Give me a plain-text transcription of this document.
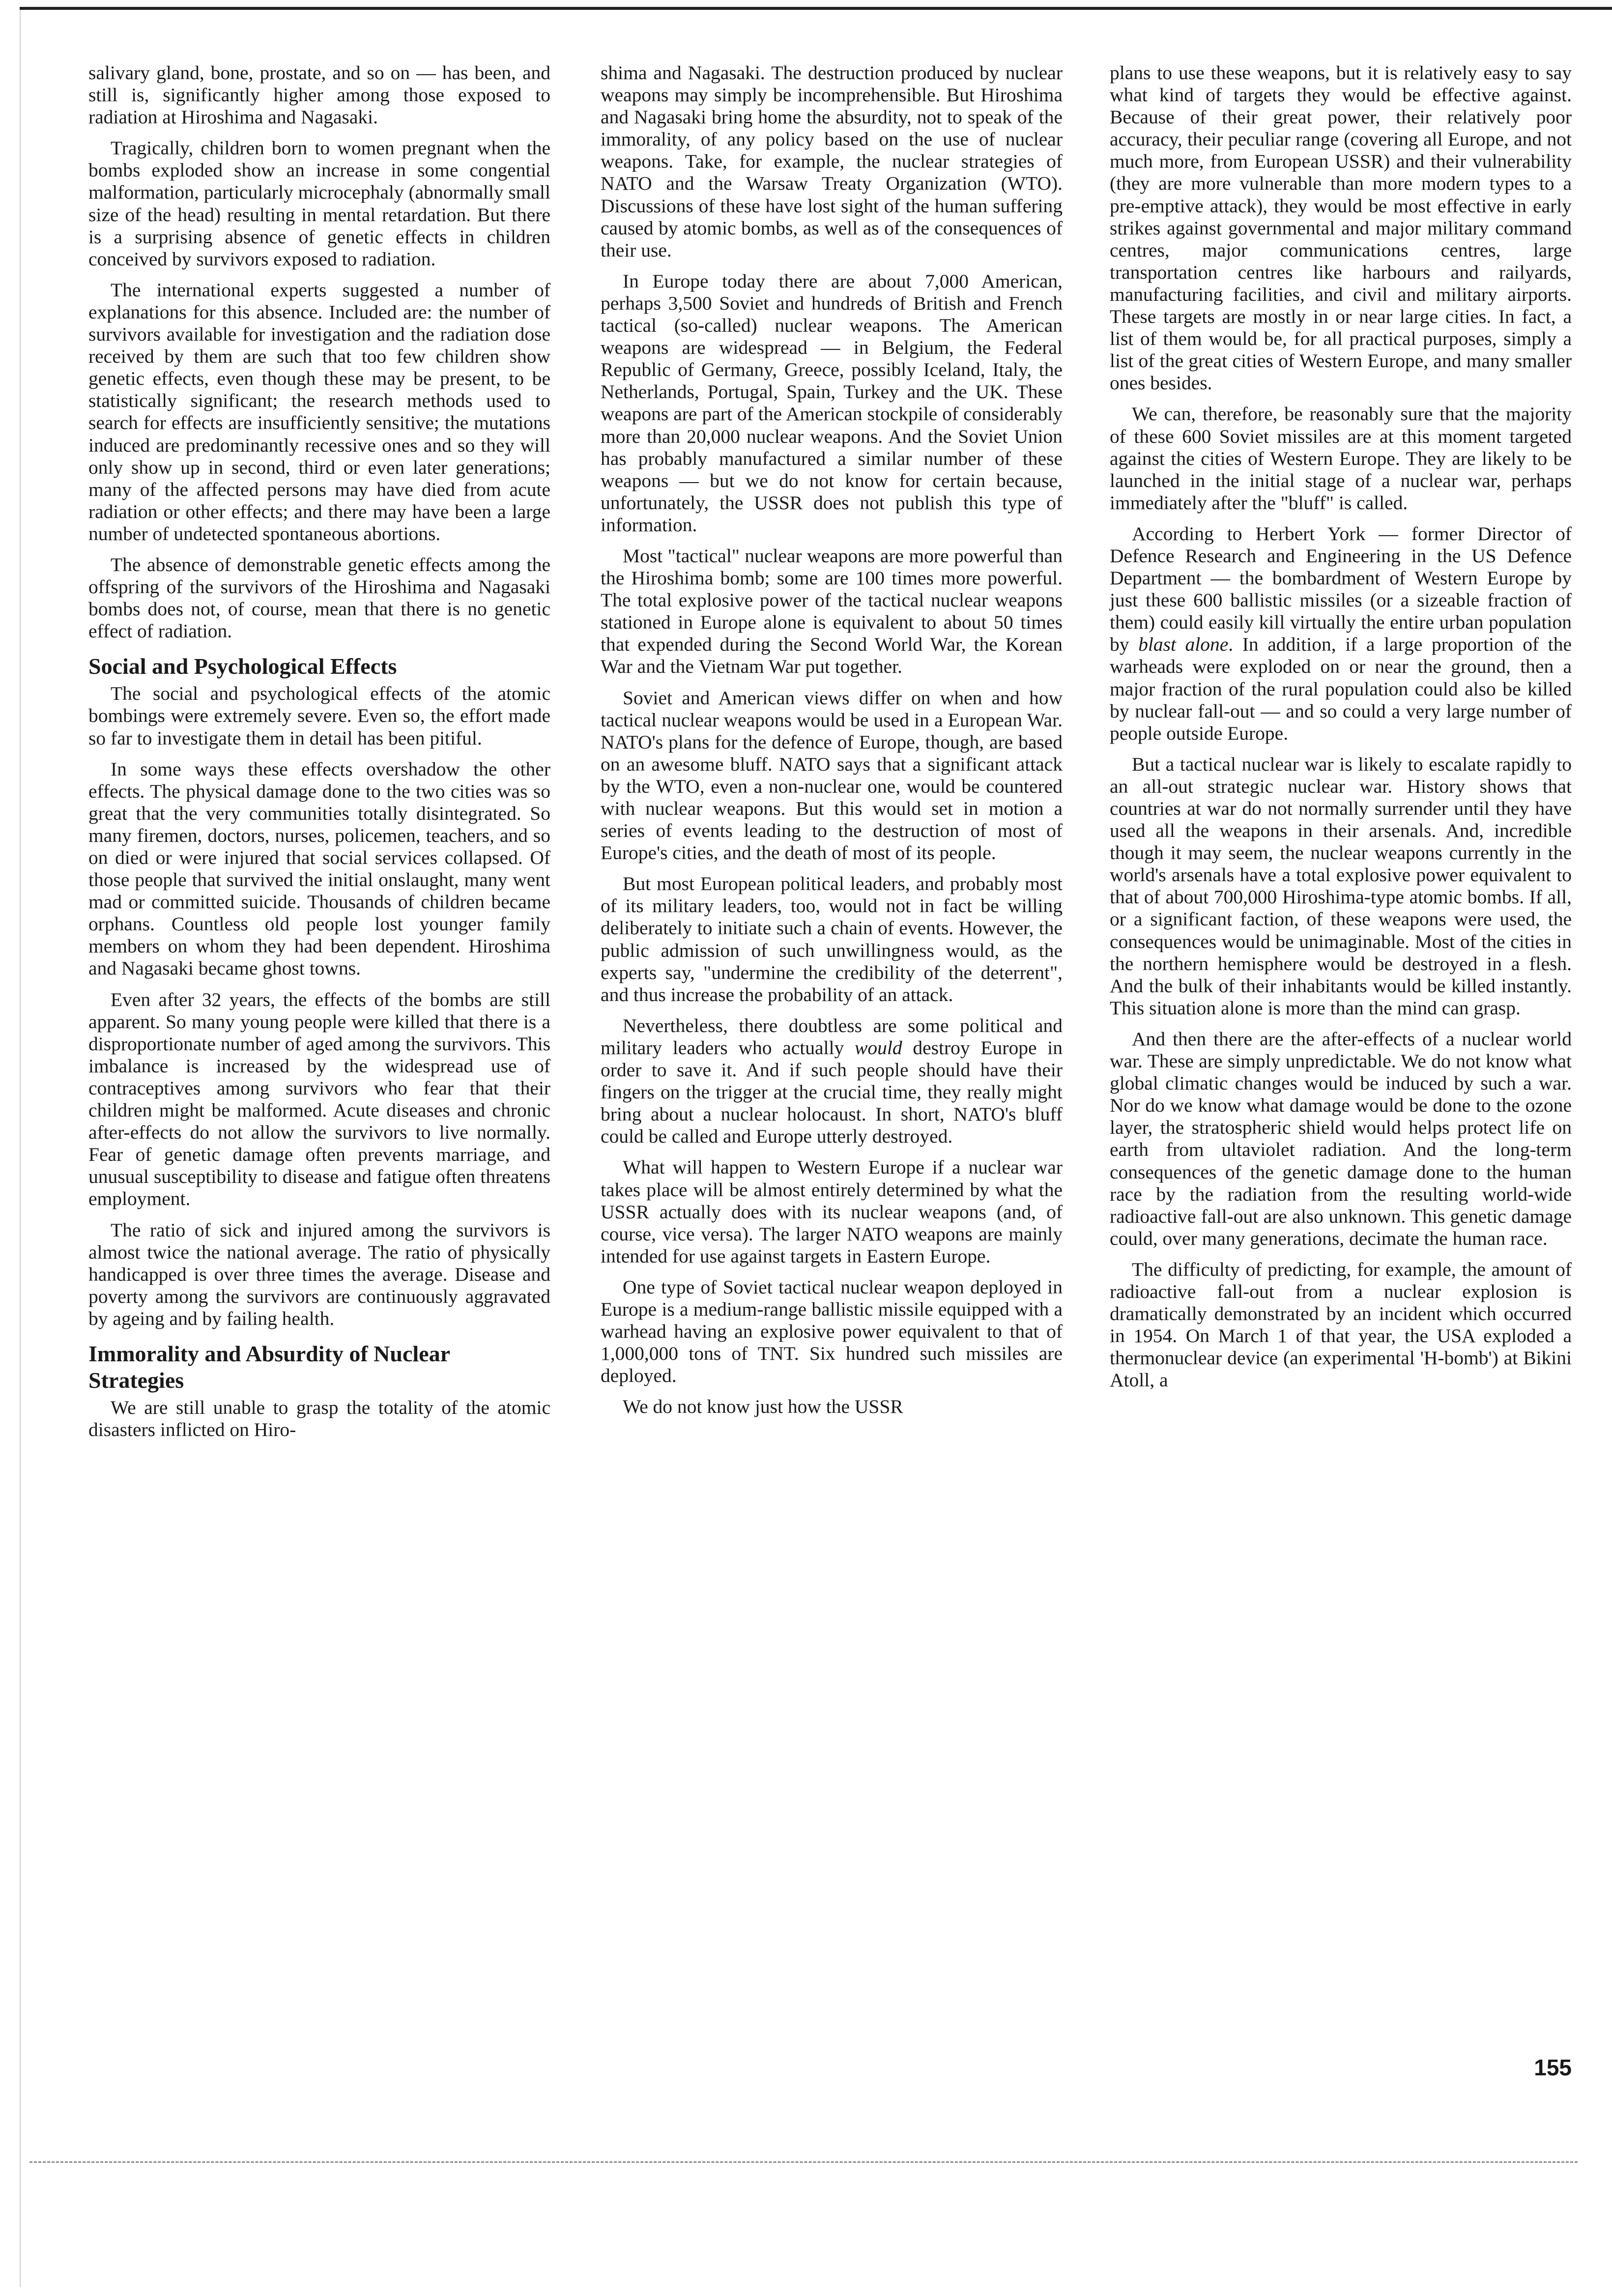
salivary gland, bone, prostate, and so on — has been, and still is, significantly higher among those exposed to radiation at Hiroshima and Nagasaki.

Tragically, children born to women pregnant when the bombs exploded show an increase in some congential malformation, particularly microcephaly (abnormally small size of the head) resulting in mental retardation. But there is a surprising absence of genetic effects in children conceived by survivors exposed to radiation.

The international experts suggested a number of explanations for this absence. Included are: the number of survivors available for investigation and the radiation dose received by them are such that too few children show genetic effects, even though these may be present, to be statistically significant; the research methods used to search for effects are insufficiently sensitive; the mutations induced are predominantly recessive ones and so they will only show up in second, third or even later generations; many of the affected persons may have died from acute radiation or other effects; and there may have been a large number of undetected spontaneous abortions.

The absence of demonstrable genetic effects among the offspring of the survivors of the Hiroshima and Nagasaki bombs does not, of course, mean that there is no genetic effect of radiation.

Social and Psychological Effects

The social and psychological effects of the atomic bombings were extremely severe. Even so, the effort made so far to investigate them in detail has been pitiful.

In some ways these effects overshadow the other effects. The physical damage done to the two cities was so great that the very communities totally disintegrated. So many firemen, doctors, nurses, policemen, teachers, and so on died or were injured that social services collapsed. Of those people that survived the initial onslaught, many went mad or committed suicide. Thousands of children became orphans. Countless old people lost younger family members on whom they had been dependent. Hiroshima and Nagasaki became ghost towns.

Even after 32 years, the effects of the bombs are still apparent. So many young people were killed that there is a disproportionate number of aged among the survivors. This imbalance is increased by the widespread use of contraceptives among survivors who fear that their children might be malformed. Acute diseases and chronic after-effects do not allow the survivors to live normally. Fear of genetic damage often prevents marriage, and unusual susceptibility to disease and fatigue often threatens employment.

The ratio of sick and injured among the survivors is almost twice the national average. The ratio of physically handicapped is over three times the average. Disease and poverty among the survivors are continuously aggravated by ageing and by failing health.

Immorality and Absurdity of Nuclear Strategies

We are still unable to grasp the totality of the atomic disasters inflicted on Hiro-

shima and Nagasaki. The destruction produced by nuclear weapons may simply be incomprehensible. But Hiroshima and Nagasaki bring home the absurdity, not to speak of the immorality, of any policy based on the use of nuclear weapons. Take, for example, the nuclear strategies of NATO and the Warsaw Treaty Organization (WTO). Discussions of these have lost sight of the human suffering caused by atomic bombs, as well as of the consequences of their use.

In Europe today there are about 7,000 American, perhaps 3,500 Soviet and hundreds of British and French tactical (so-called) nuclear weapons. The American weapons are widespread — in Belgium, the Federal Republic of Germany, Greece, possibly Iceland, Italy, the Netherlands, Portugal, Spain, Turkey and the UK. These weapons are part of the American stockpile of considerably more than 20,000 nuclear weapons. And the Soviet Union has probably manufactured a similar number of these weapons — but we do not know for certain because, unfortunately, the USSR does not publish this type of information.

Most "tactical" nuclear weapons are more powerful than the Hiroshima bomb; some are 100 times more powerful. The total explosive power of the tactical nuclear weapons stationed in Europe alone is equivalent to about 50 times that expended during the Second World War, the Korean War and the Vietnam War put together.

Soviet and American views differ on when and how tactical nuclear weapons would be used in a European War. NATO's plans for the defence of Europe, though, are based on an awesome bluff. NATO says that a significant attack by the WTO, even a non-nuclear one, would be countered with nuclear weapons. But this would set in motion a series of events leading to the destruction of most of Europe's cities, and the death of most of its people.

But most European political leaders, and probably most of its military leaders, too, would not in fact be willing deliberately to initiate such a chain of events. However, the public admission of such unwillingness would, as the experts say, "undermine the credibility of the deterrent", and thus increase the probability of an attack.

Nevertheless, there doubtless are some political and military leaders who actually would destroy Europe in order to save it. And if such people should have their fingers on the trigger at the crucial time, they really might bring about a nuclear holocaust. In short, NATO's bluff could be called and Europe utterly destroyed.

What will happen to Western Europe if a nuclear war takes place will be almost entirely determined by what the USSR actually does with its nuclear weapons (and, of course, vice versa). The larger NATO weapons are mainly intended for use against targets in Eastern Europe.

One type of Soviet tactical nuclear weapon deployed in Europe is a medium-range ballistic missile equipped with a warhead having an explosive power equivalent to that of 1,000,000 tons of TNT. Six hundred such missiles are deployed.

We do not know just how the USSR

plans to use these weapons, but it is relatively easy to say what kind of targets they would be effective against. Because of their great power, their relatively poor accuracy, their peculiar range (covering all Europe, and not much more, from European USSR) and their vulnerability (they are more vulnerable than more modern types to a pre-emptive attack), they would be most effective in early strikes against governmental and major military command centres, major communications centres, large transportation centres like harbours and railyards, manufacturing facilities, and civil and military airports. These targets are mostly in or near large cities. In fact, a list of them would be, for all practical purposes, simply a list of the great cities of Western Europe, and many smaller ones besides.

We can, therefore, be reasonably sure that the majority of these 600 Soviet missiles are at this moment targeted against the cities of Western Europe. They are likely to be launched in the initial stage of a nuclear war, perhaps immediately after the "bluff" is called.

According to Herbert York — former Director of Defence Research and Engineering in the US Defence Department — the bombardment of Western Europe by just these 600 ballistic missiles (or a sizeable fraction of them) could easily kill virtually the entire urban population by blast alone. In addition, if a large proportion of the warheads were exploded on or near the ground, then a major fraction of the rural population could also be killed by nuclear fall-out — and so could a very large number of people outside Europe.

But a tactical nuclear war is likely to escalate rapidly to an all-out strategic nuclear war. History shows that countries at war do not normally surrender until they have used all the weapons in their arsenals. And, incredible though it may seem, the nuclear weapons currently in the world's arsenals have a total explosive power equivalent to that of about 700,000 Hiroshima-type atomic bombs. If all, or a significant faction, of these weapons were used, the consequences would be unimaginable. Most of the cities in the northern hemisphere would be destroyed in a flesh. And the bulk of their inhabitants would be killed instantly. This situation alone is more than the mind can grasp.

And then there are the after-effects of a nuclear world war. These are simply unpredictable. We do not know what global climatic changes would be induced by such a war. Nor do we know what damage would be done to the ozone layer, the stratospheric shield would helps protect life on earth from ultaviolet radiation. And the long-term consequences of the genetic damage done to the human race by the radiation from the resulting world-wide radioactive fall-out are also unknown. This genetic damage could, over many generations, decimate the human race.

The difficulty of predicting, for example, the amount of radioactive fall-out from a nuclear explosion is dramatically demonstrated by an incident which occurred in 1954. On March 1 of that year, the USA exploded a thermonuclear device (an experimental 'H-bomb') at Bikini Atoll, a

155
